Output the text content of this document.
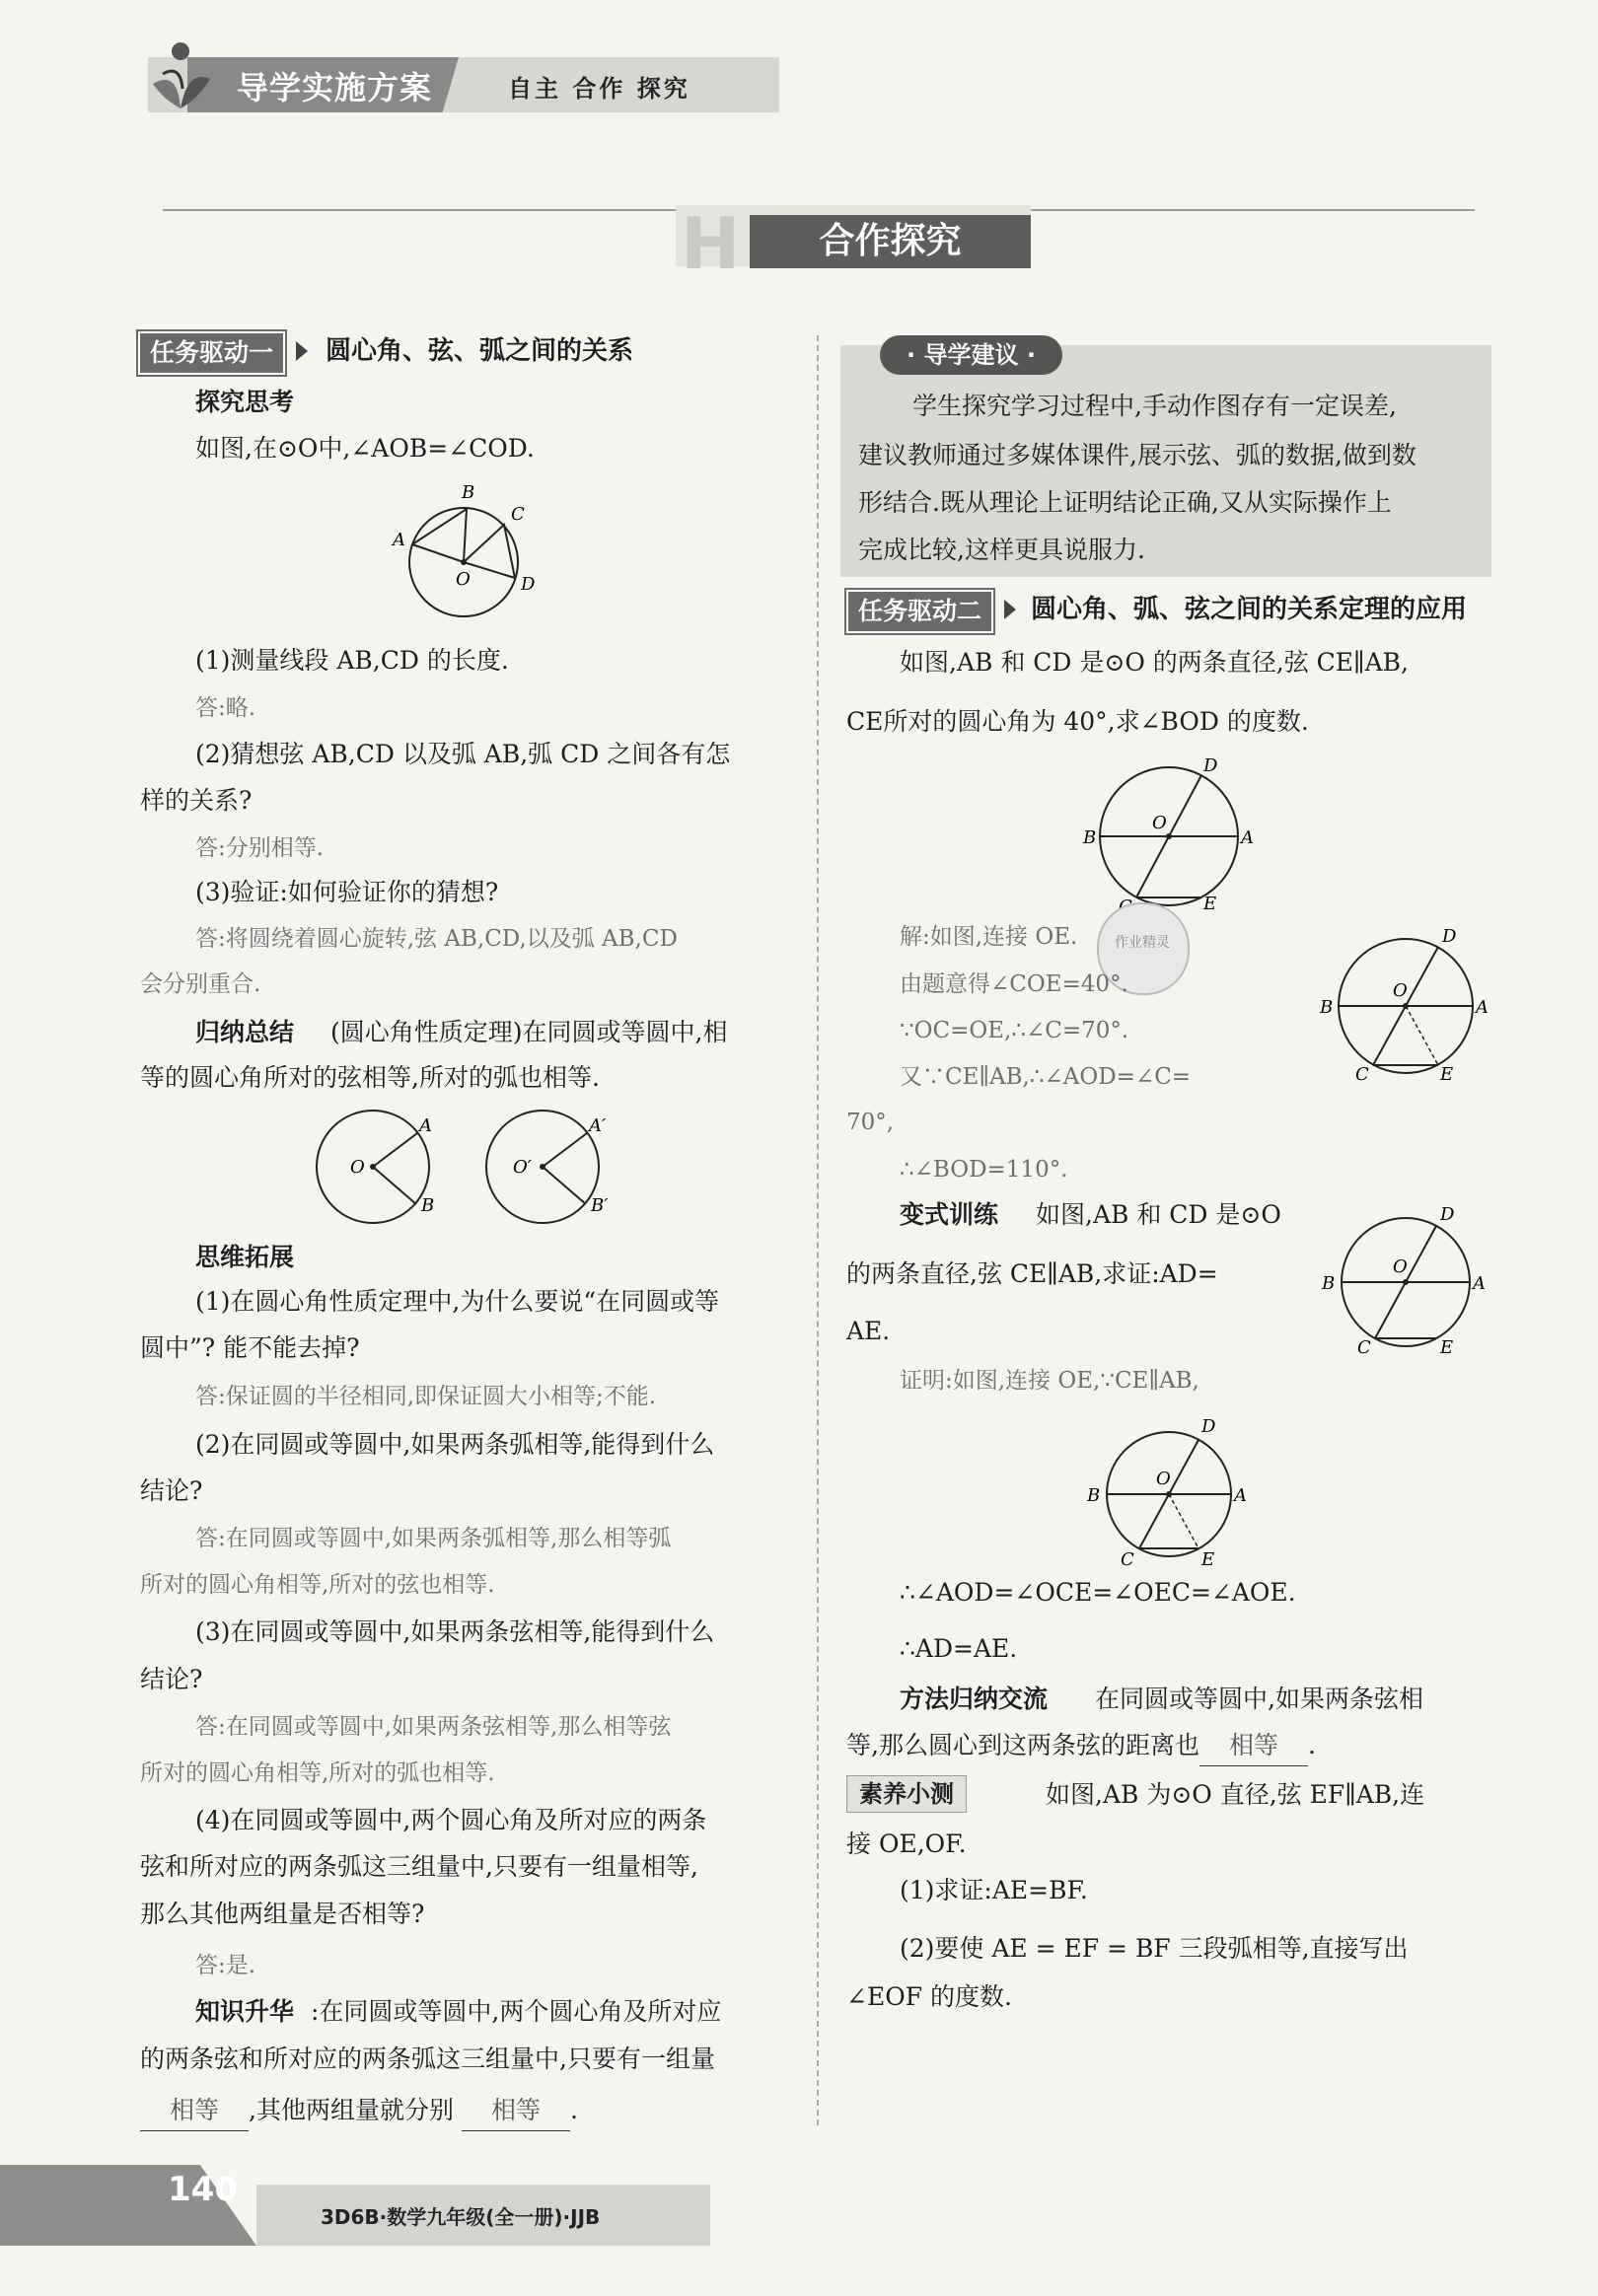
导学实施方案	自主 合作 探究
H	合作探究
任务驱动一	圆心角、弦、弧之间的关系
探究思考
如图,在⊙O中,∠AOB=∠COD.
A
B
C
O	D
(1)测量线段 AB,CD 的长度.
答:略.
(2)猜想弦 AB,CD 以及弧 AB,弧 CD 之间各有怎
样的关系?
答:分别相等.
(3)验证:如何验证你的猜想?
答:将圆绕着圆心旋转,弦 AB,CD,以及弧 AB,CD
会分别重合.
归纳总结 (圆心角性质定理)在同圆或等圆中,相
等的圆心角所对的弦相等,所对的弧也相等.
O
A
B
O′
A′
B′
思维拓展
(1)在圆心角性质定理中,为什么要说“在同圆或等
圆中”? 能不能去掉?
答:保证圆的半径相同,即保证圆大小相等;不能.
(2)在同圆或等圆中,如果两条弧相等,能得到什么
结论?
答:在同圆或等圆中,如果两条弧相等,那么相等弧
所对的圆心角相等,所对的弦也相等.
(3)在同圆或等圆中,如果两条弦相等,能得到什么
结论?
答:在同圆或等圆中,如果两条弦相等,那么相等弦
所对的圆心角相等,所对的弧也相等.
(4)在同圆或等圆中,两个圆心角及所对应的两条
弦和所对应的两条弧这三组量中,只要有一组量相等,
那么其他两组量是否相等?
答:是.
知识升华 :在同圆或等圆中,两个圆心角及所对应
的两条弦和所对应的两条弧这三组量中,只要有一组量
相等 ,其他两组量就分别 相等 .
· 导学建议 ·
学生探究学习过程中,手动作图存有一定误差,
建议教师通过多媒体课件,展示弦、弧的数据,做到数
形结合.既从理论上证明结论正确,又从实际操作上
完成比较,这样更具说服力.
任务驱动二	圆心角、弧、弦之间的关系定理的应用
如图,AB 和 CD 是⊙O 的两条直径,弦 CE∥AB,
CE所对的圆心角为 40°,求∠BOD 的度数.
D
O
B	A
E
作业精灵
解:如图,连接 OE.
由题意得∠COE=40°.
∵OC=OE,∴∠C=70°.
又∵CE∥AB,∴∠AOD=∠C=
70°,
∴∠BOD=110°.
D
O
B	A
C	E
变式训练 如图,AB 和 CD 是⊙O
的两条直径,弦 CE∥AB,求证:AD=
AE.
D
O
B	A
C	E
证明:如图,连接 OE,∵CE∥AB,
D
O
B	A
C	E
∴∠AOD=∠OCE=∠OEC=∠AOE.
∴AD=AE.
方法归纳交流 在同圆或等圆中,如果两条弦相
等,那么圆心到这两条弦的距离也 相等 .
素养小测	如图,AB 为⊙O 直径,弦 EF∥AB,连
接 OE,OF.
(1)求证:AE=BF.
(2)要使 AE = EF = BF 三段弧相等,直接写出
∠EOF 的度数.
140
3D6B·数学九年级(全一册)·JJB
